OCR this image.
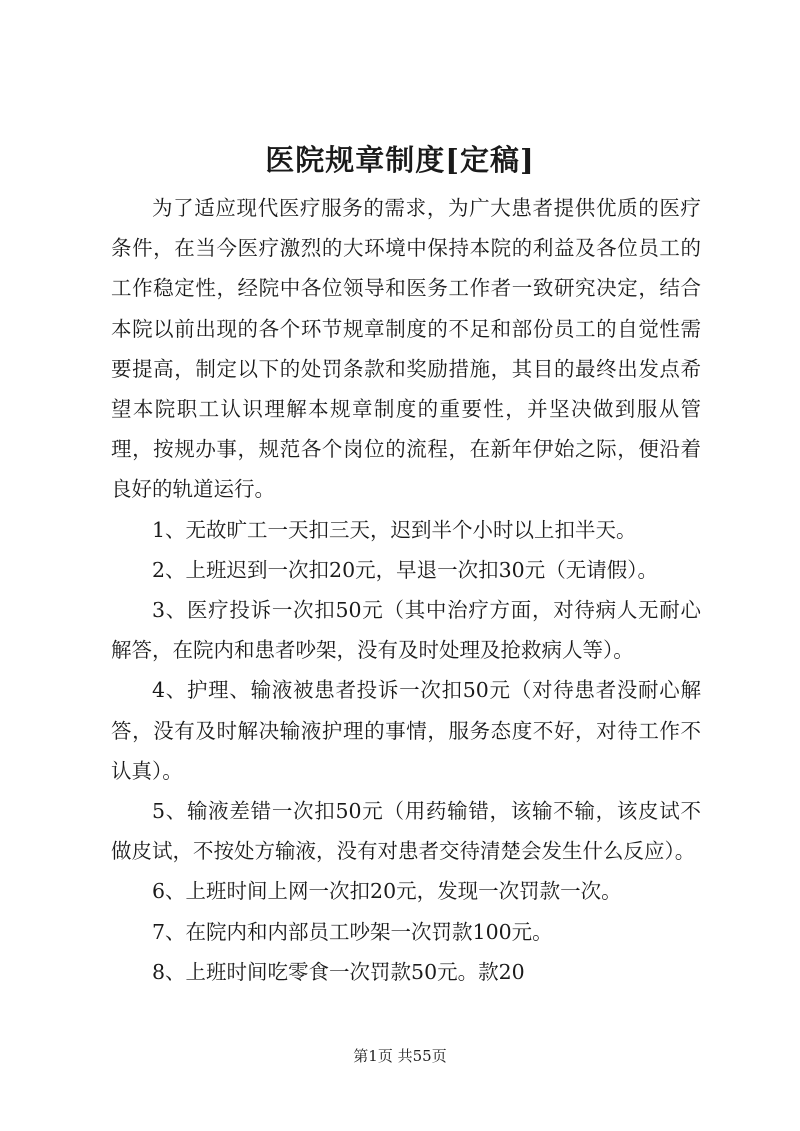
医院规章制度[定稿]

为了适应现代医疗服务的需求，为广大患者提供优质的医疗条件，在当今医疗激烈的大环境中保持本院的利益及各位员工的工作稳定性，经院中各位领导和医务工作者一致研究决定，结合本院以前出现的各个环节规章制度的不足和部份员工的自觉性需要提高，制定以下的处罚条款和奖励措施，其目的最终出发点希望本院职工认识理解本规章制度的重要性，并坚决做到服从管理，按规办事，规范各个岗位的流程，在新年伊始之际，便沿着良好的轨道运行。

1、无故旷工一天扣三天，迟到半个小时以上扣半天。

2、上班迟到一次扣20元，早退一次扣30元（无请假）。

3、医疗投诉一次扣50元（其中治疗方面，对待病人无耐心解答，在院内和患者吵架，没有及时处理及抢救病人等）。

4、护理、输液被患者投诉一次扣50元（对待患者没耐心解答，没有及时解决输液护理的事情，服务态度不好，对待工作不认真）。

5、输液差错一次扣50元（用药输错，该输不输，该皮试不做皮试，不按处方输液，没有对患者交待清楚会发生什么反应）。

6、上班时间上网一次扣20元，发现一次罚款一次。

7、在院内和内部员工吵架一次罚款100元。

8、上班时间吃零食一次罚款50元。款20

第1页 共55页
